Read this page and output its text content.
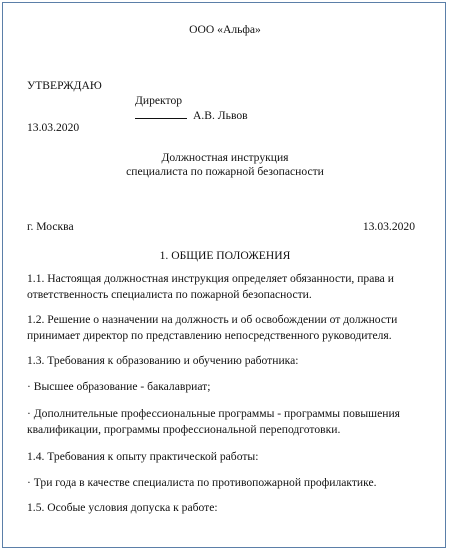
ООО «Альфа»
УТВЕРЖДАЮ
Директор
А.В. Львов
13.03.2020
Должностная инструкция
специалиста по пожарной безопасности
г. Москва	13.03.2020
1. ОБЩИЕ ПОЛОЖЕНИЯ
1.1. Настоящая должностная инструкция определяет обязанности, права и ответственность специалиста по пожарной безопасности.
1.2. Решение о назначении на должность и об освобождении от должности принимает директор по представлению непосредственного руководителя.
1.3. Требования к образованию и обучению работника:
· Высшее образование - бакалавриат;
· Дополнительные профессиональные программы - программы повышения квалификации, программы профессиональной переподготовки.
1.4. Требования к опыту практической работы:
· Три года в качестве специалиста по противопожарной профилактике.
1.5. Особые условия допуска к работе:
